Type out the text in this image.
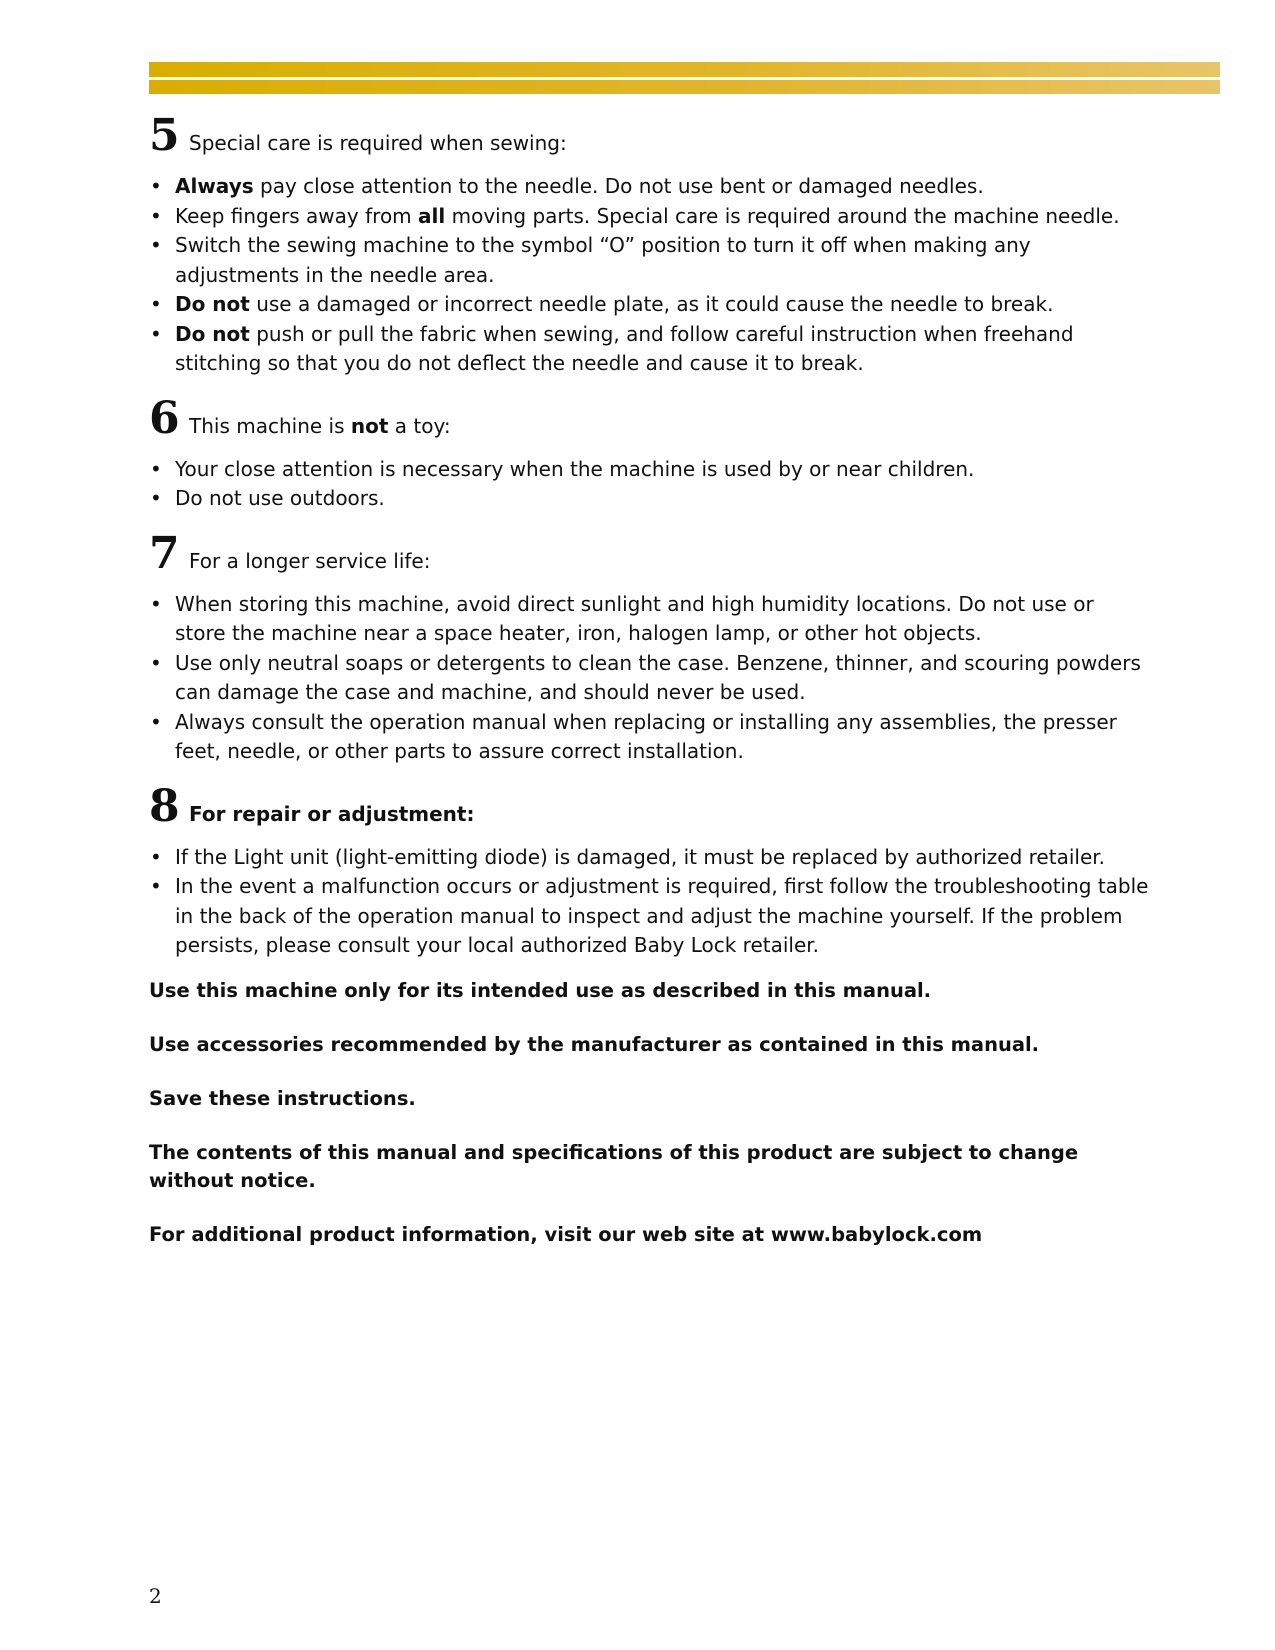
5 Special care is required when sewing:
• Always pay close attention to the needle. Do not use bent or damaged needles.
• Keep fingers away from all moving parts. Special care is required around the machine needle.
• Switch the sewing machine to the symbol “O” position to turn it off when making any adjustments in the needle area.
• Do not use a damaged or incorrect needle plate, as it could cause the needle to break.
• Do not push or pull the fabric when sewing, and follow careful instruction when freehand stitching so that you do not deflect the needle and cause it to break.
6 This machine is not a toy:
• Your close attention is necessary when the machine is used by or near children.
• Do not use outdoors.
7 For a longer service life:
• When storing this machine, avoid direct sunlight and high humidity locations. Do not use or store the machine near a space heater, iron, halogen lamp, or other hot objects.
• Use only neutral soaps or detergents to clean the case. Benzene, thinner, and scouring powders can damage the case and machine, and should never be used.
• Always consult the operation manual when replacing or installing any assemblies, the presser feet, needle, or other parts to assure correct installation.
8 For repair or adjustment:
• If the Light unit (light-emitting diode) is damaged, it must be replaced by authorized retailer.
• In the event a malfunction occurs or adjustment is required, first follow the troubleshooting table in the back of the operation manual to inspect and adjust the machine yourself. If the problem persists, please consult your local authorized Baby Lock retailer.

Use this machine only for its intended use as described in this manual.

Use accessories recommended by the manufacturer as contained in this manual.

Save these instructions.

The contents of this manual and specifications of this product are subject to change without notice.

For additional product information, visit our web site at www.babylock.com

2
